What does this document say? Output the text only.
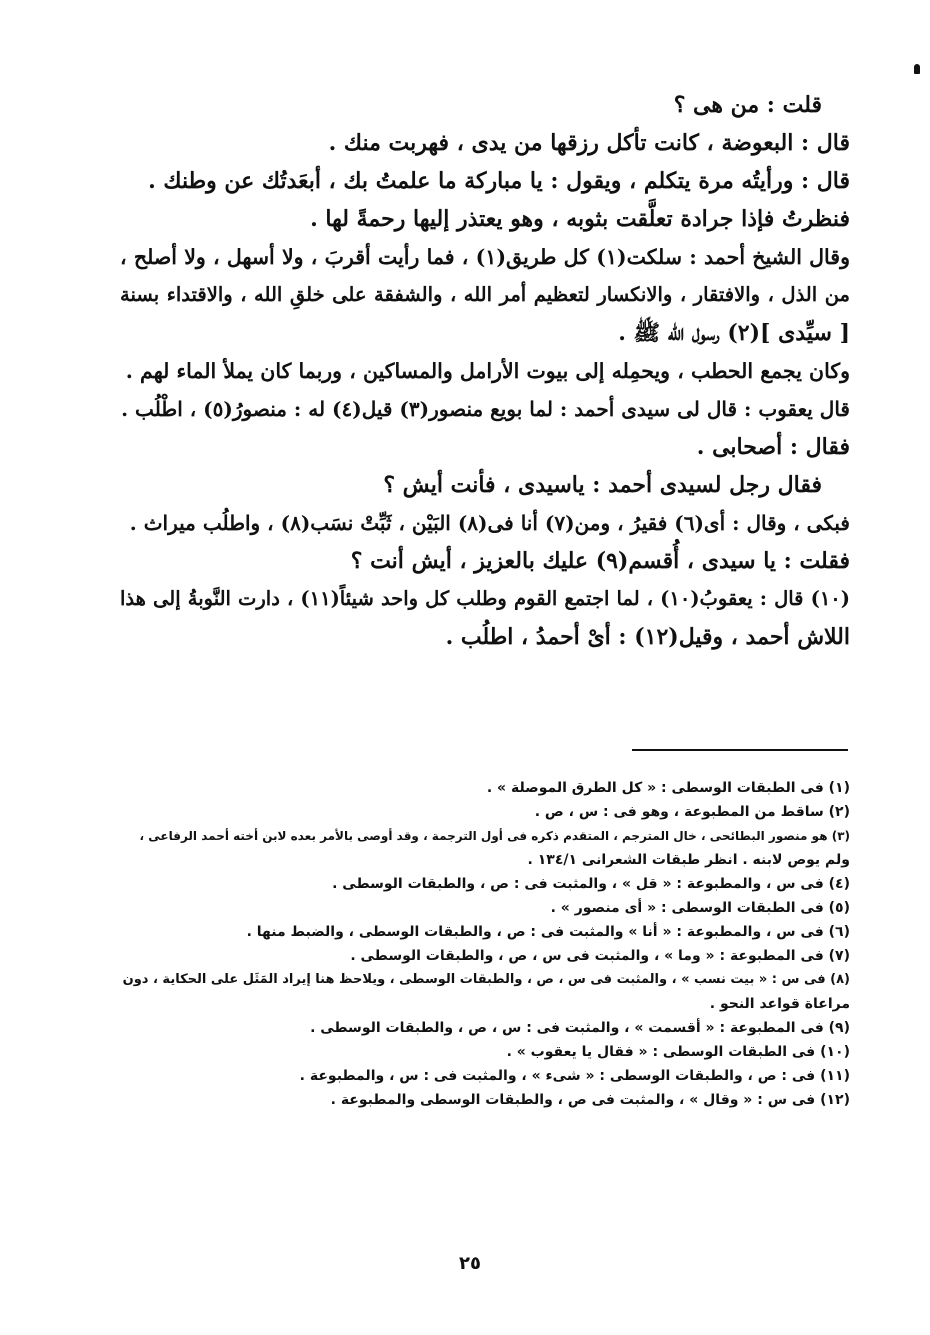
قلت : من هى ؟
قال : البعوضة ، كانت تأكل رزقها من يدى ، فهربت منك .
قال : ورأيتُه مرة يتكلم ، ويقول : يا مباركة ما علمتُ بك ، أبعَدتُك عن وطنك .
فنظرتُ فإذا جرادة تعلَّقت بثوبه ، وهو يعتذر إليها رحمةً لها .
وقال الشيخ أحمد : سلكت(١) كل طريق(١) ، فما رأيت أقربَ ، ولا أسهل ، ولا أصلح ،
من الذل ، والافتقار ، والانكسار لتعظيم أمر الله ، والشفقة على خلقِ الله ، والاقتداء بسنة
[ سيِّدى ](٢) رسول الله ﷺ .
وكان يجمع الحطب ، ويحمِله إلى بيوت الأرامل والمساكين ، وربما كان يملأ الماء لهم .
قال يعقوب : قال لى سيدى أحمد : لما بويع منصور(٣) قيل(٤) له : منصورُ(٥) ، اطْلُب .
فقال : أصحابى .
فقال رجل لسيدى أحمد : ياسيدى ، فأنت أيش ؟
فبكى ، وقال : أى(٦) فقيرُ ، ومن(٧) أنا فى(٨) البَيْن ، ثَبِّتْ نسَب(٨) ، واطلُب ميراث .
فقلت : يا سيدى ، أُقسم(٩) عليك بالعزيز ، أيش أنت ؟
(١٠) قال : يعقوبُ(١٠) ، لما اجتمع القوم وطلب كل واحد شيئاً(١١) ، دارت النَّوبةُ إلى هذا
اللاش أحمد ، وقيل(١٢) : أىْ أحمدُ ، اطلُب .
(١) فى الطبقات الوسطى : « كل الطرق الموصلة » .
(٢) ساقط من المطبوعة ، وهو فى : س ، ص .
(٣) هو منصور البطائحى ، خال المترجم ، المتقدم ذكره فى أول الترجمة ، وقد أوصى بالأمر بعده لابن أخته أحمد الرفاعى ،
ولم يوص لابنه . انظر طبقات الشعرانى ١٣٤/١ .
(٤) فى س ، والمطبوعة : « قل » ، والمثبت فى : ص ، والطبقات الوسطى .
(٥) فى الطبقات الوسطى : « أى منصور » .
(٦) فى س ، والمطبوعة : « أنا » والمثبت فى : ص ، والطبقات الوسطى ، والضبط منها .
(٧) فى المطبوعة : « وما » ، والمثبت فى س ، ص ، والطبقات الوسطى .
(٨) فى س : « بيت نسب » ، والمثبت فى س ، ص ، والطبقات الوسطى ، ويلاحظ هنا إيراد المَثَل على الحكاية ، دون
مراعاة قواعد النحو .
(٩) فى المطبوعة : « أقسمت » ، والمثبت فى : س ، ص ، والطبقات الوسطى .
(١٠) فى الطبقات الوسطى : « فقال يا يعقوب » .
(١١) فى : ص ، والطبقات الوسطى : « شىء » ، والمثبت فى : س ، والمطبوعة .
(١٢) فى س : « وقال » ، والمثبت فى ص ، والطبقات الوسطى والمطبوعة .
٢٥
